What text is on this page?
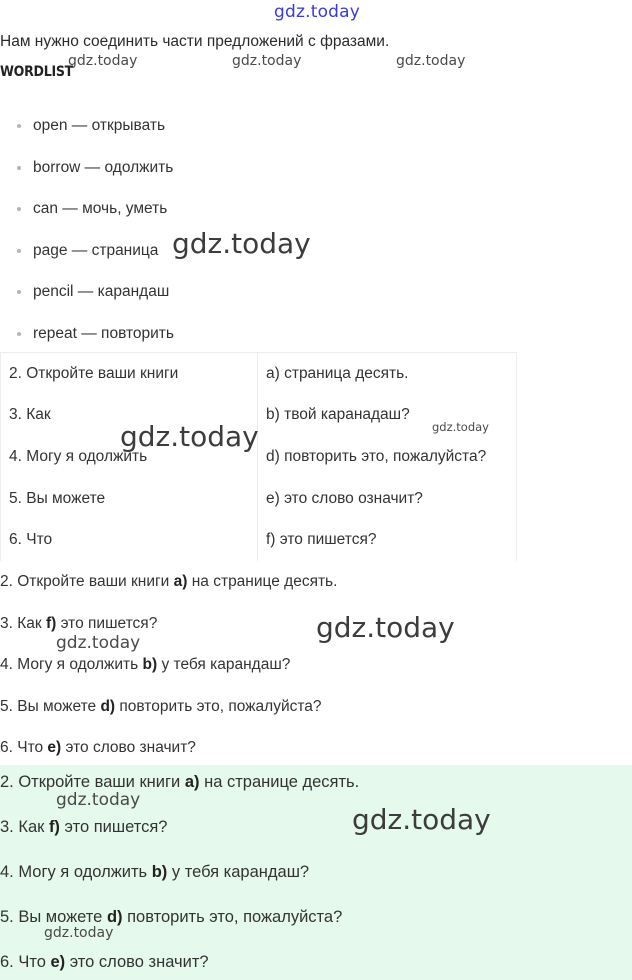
gdz.today
Нам нужно соединить части предложений с фразами.
WORDLIST
open — открывать
borrow — одолжить
can — мочь, уметь
page — страница
pencil — карандаш
repeat — повторить
2. Откройте ваши книги	a) страница десять.
3. Как	b) твой каранадаш?
4. Могу я одолжить	d) повторить это, пожалуйста?
5. Вы можете	e) это слово означит?
6. Что	f) это пишется?
2. Откройте ваши книги a) на странице десять.
3. Как f) это пишется?
4. Могу я одолжить b) у тебя карандаш?
5. Вы можете d) повторить это, пожалуйста?
6. Что e) это слово значит?
2. Откройте ваши книги a) на странице десять.
3. Как f) это пишется?
4. Могу я одолжить b) у тебя карандаш?
5. Вы можете d) повторить это, пожалуйста?
6. Что e) это слово значит?
gdz.today	gdz.today	gdz.today
gdz.today
gdz.today	gdz.today
gdz.today
gdz.today
gdz.today
gdz.today
gdz.today
